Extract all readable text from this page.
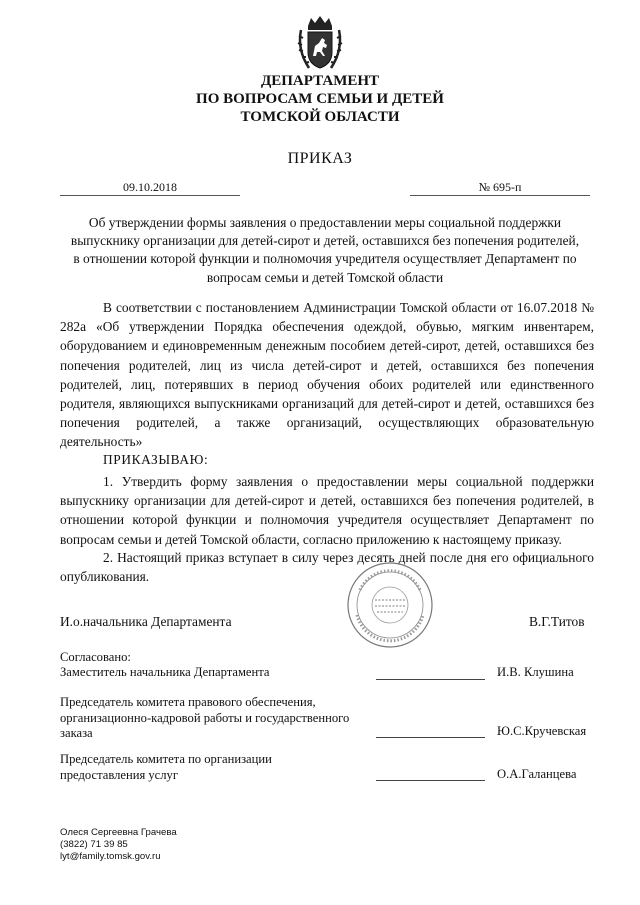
ДЕПАРТАМЕНТ
ПО ВОПРОСАМ СЕМЬИ И ДЕТЕЙ
ТОМСКОЙ ОБЛАСТИ
ПРИКАЗ
09.10.2018	№ 695-п
Об утверждении формы заявления о предоставлении меры социальной поддержки
выпускнику организации для детей-сирот и детей, оставшихся без попечения родителей,
в отношении которой функции и полномочия учредителя осуществляет Департамент по
вопросам семьи и детей Томской области
В соответствии с постановлением Администрации Томской области от 16.07.2018 № 282а «Об утверждении Порядка обеспечения одеждой, обувью, мягким инвентарем, оборудованием и единовременным денежным пособием детей-сирот, детей, оставшихся без попечения родителей, лиц из числа детей-сирот и детей, оставшихся без попечения родителей, лиц, потерявших в период обучения обоих родителей или единственного родителя, являющихся выпускниками организаций для детей-сирот и детей, оставшихся без попечения родителей, а также организаций, осуществляющих образовательную деятельность»
ПРИКАЗЫВАЮ:
1. Утвердить форму заявления о предоставлении меры социальной поддержки выпускнику организации для детей-сирот и детей, оставшихся без попечения родителей, в отношении которой функции и полномочия учредителя осуществляет Департамент по вопросам семьи и детей Томской области, согласно приложению к настоящему приказу.
2. Настоящий приказ вступает в силу через десять дней после дня его официального опубликования.
И.о.начальника Департамента	В.Г.Титов
Согласовано:
Заместитель начальника Департамента	И.В. Клушина
Председатель комитета правового обеспечения,
организационно-кадровой работы и государственного
заказа	Ю.С.Кручевская
Председатель комитета по организации
предоставления услуг	О.А.Галанцева
Олеся Сергеевна Грачева
(3822) 71 39 85
lyt@family.tomsk.gov.ru
